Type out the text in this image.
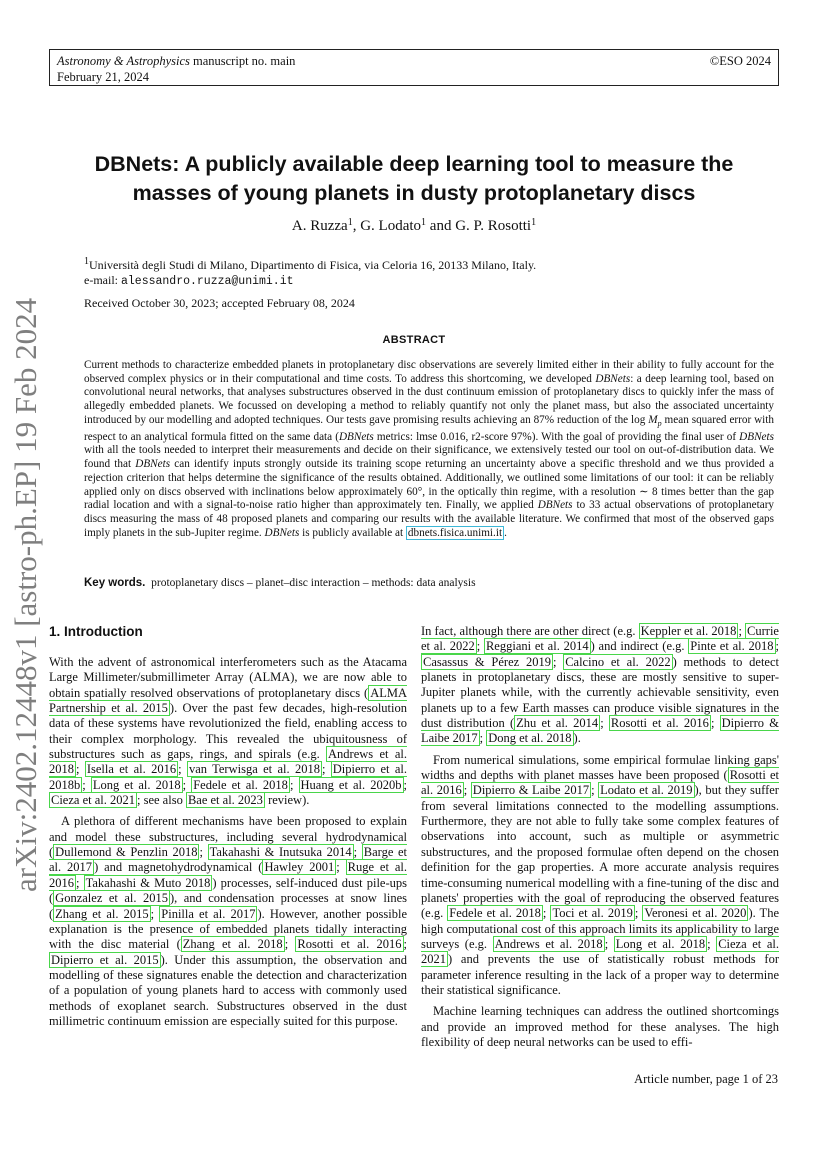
Astronomy & Astrophysics manuscript no. main
February 21, 2024
©ESO 2024
arXiv:2402.12448v1 [astro-ph.EP] 19 Feb 2024
DBNets: A publicly available deep learning tool to measure the masses of young planets in dusty protoplanetary discs
A. Ruzza$^1$, G. Lodato$^1$ and G. P. Rosotti$^1$
$^1$Università degli Studi di Milano, Dipartimento di Fisica, via Celoria 16, 20133 Milano, Italy.
e-mail: alessandro.ruzza@unimi.it
Received October 30, 2023; accepted February 08, 2024
ABSTRACT
Current methods to characterize embedded planets in protoplanetary disc observations are severely limited either in their ability to fully account for the observed complex physics or in their computational and time costs. To address this shortcoming, we developed DBNets: a deep learning tool, based on convolutional neural networks, that analyses substructures observed in the dust continuum emission of protoplanetary discs to quickly infer the mass of allegedly embedded planets. We focussed on developing a method to reliably quantify not only the planet mass, but also the associated uncertainty introduced by our modelling and adopted techniques. Our tests gave promising results achieving an 87% reduction of the $\log M_p$ mean squared error with respect to an analytical formula fitted on the same data (DBNets metrics: lmse 0.016, r2-score 97%). With the goal of providing the final user of DBNets with all the tools needed to interpret their measurements and decide on their significance, we extensively tested our tool on out-of-distribution data. We found that DBNets can identify inputs strongly outside its training scope returning an uncertainty above a specific threshold and we thus provided a rejection criterion that helps determine the significance of the results obtained. Additionally, we outlined some limitations of our tool: it can be reliably applied only on discs observed with inclinations below approximately 60°, in the optically thin regime, with a resolution ∼ 8 times better than the gap radial location and with a signal-to-noise ratio higher than approximately ten. Finally, we applied DBNets to 33 actual observations of protoplanetary discs measuring the mass of 48 proposed planets and comparing our results with the available literature. We confirmed that most of the observed gaps imply planets in the sub-Jupiter regime. DBNets is publicly available at dbnets.fisica.unimi.it .
Key words. protoplanetary discs – planet–disc interaction – methods: data analysis
1. Introduction

With the advent of astronomical interferometers such as the Atacama Large Millimeter/submillimeter Array (ALMA), we are now able to obtain spatially resolved observations of protoplanetary discs ( ALMA Partnership et al. 2015 ). Over the past few decades, high-resolution data of these systems have revolutionized the field, enabling access to their complex morphology. This revealed the ubiquitousness of substructures such as gaps, rings, and spirals (e.g. Andrews et al. 2018 ; Isella et al. 2016 ; van Terwisga et al. 2018 ; Dipierro et al. 2018b ; Long et al. 2018 ; Fedele et al. 2018 ; Huang et al. 2020b ; Cieza et al. 2021 ; see also Bae et al. 2023 review).

A plethora of different mechanisms have been proposed to explain and model these substructures, including several hydrodynamical ( Dullemond & Penzlin 2018 ; Takahashi & Inutsuka 2014 ; Barge et al. 2017 ) and magnetohydrodynamical ( Hawley 2001 ; Ruge et al. 2016 ; Takahashi & Muto 2018 ) processes, self-induced dust pile-ups ( Gonzalez et al. 2015 ), and condensation processes at snow lines ( Zhang et al. 2015 ; Pinilla et al. 2017 ). However, another possible explanation is the presence of embedded planets tidally interacting with the disc material ( Zhang et al. 2018 ; Rosotti et al. 2016 ; Dipierro et al. 2015 ). Under this assumption, the observation and modelling of these signatures enable the detection and characterization of a population of young planets hard to access with commonly used methods of exoplanet search. Substructures observed in the dust millimetric continuum emission are especially suited for this purpose.

In fact, although there are other direct (e.g. Keppler et al. 2018 ; Currie et al. 2022 ; Reggiani et al. 2014 ) and indirect (e.g. Pinte et al. 2018 ; Casassus & Pérez 2019 ; Calcino et al. 2022 ) methods to detect planets in protoplanetary discs, these are mostly sensitive to super-Jupiter planets while, with the currently achievable sensitivity, even planets up to a few Earth masses can produce visible signatures in the dust distribution ( Zhu et al. 2014 ; Rosotti et al. 2016 ; Dipierro & Laibe 2017 ; Dong et al. 2018 ).

From numerical simulations, some empirical formulae linking gaps' widths and depths with planet masses have been proposed ( Rosotti et al. 2016 ; Dipierro & Laibe 2017 ; Lodato et al. 2019 ), but they suffer from several limitations connected to the modelling assumptions. Furthermore, they are not able to fully take some complex features of observations into account, such as multiple or asymmetric substructures, and the proposed formulae often depend on the chosen definition for the gap properties. A more accurate analysis requires time-consuming numerical modelling with a fine-tuning of the disc and planets' properties with the goal of reproducing the observed features (e.g. Fedele et al. 2018 ; Toci et al. 2019 ; Veronesi et al. 2020 ). The high computational cost of this approach limits its applicability to large surveys (e.g. Andrews et al. 2018 ; Long et al. 2018 ; Cieza et al. 2021 ) and prevents the use of statistically robust methods for parameter inference resulting in the lack of a proper way to determine their statistical significance.

Machine learning techniques can address the outlined shortcomings and provide an improved method for these analyses. The high flexibility of deep neural networks can be used to effi-

Article number, page 1 of 23
